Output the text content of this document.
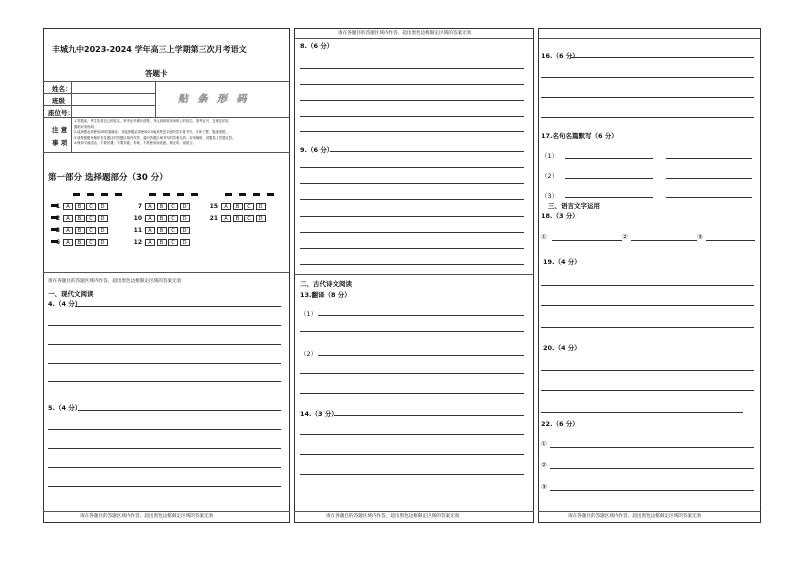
丰城九中2023-2024 学年高三上学期第三次月考语文
答题卡
姓名：
班级
座位号：
贴 条 形 码
注 意
事 项
1.答题前，考生先将自己的姓名、准考证号填写清楚，并认真核准条形码上的姓名、准考证号，在规定的位
置贴好条形码。
2.选择题必须使用2B铅笔填涂；非选择题必须使用0.5毫米黑色字迹的签字笔书写，字体工整、笔迹清楚。
3.请按照题号顺序在各题目的答题区域内作答，超出答题区域书写的答案无效；在草稿纸、试题卷上答题无效。
4.保持卡面清洁，不要折叠、不要弄破、弄皱，不准使用涂改液、修正带、刮纸刀。
第一部分 选择题部分（30 分）
1	A	B	C	D
2	A	B	C	D
3	A	B	C	D
6	A	B	C	D
7	A	B	C	D
10	A	B	C	D
11	A	B	C	D
12	A	B	C	D
15	A	B	C	D
21	A	B	C	D
请在各题目的答题区域内作答，超出黑色边框限定区域的答案无效
一、现代文阅读
4.（4 分）
5.（4 分）
请在各题目的答题区域内作答，超出黑色边框限定区域的答案无效
请在各题目的答题区域内作答，超出黑色边框限定区域的答案无效
8.（6 分）
9.（6 分）
二、古代诗文阅读
13.翻译（8 分）
（1）
（2）
14.（3 分）
请在各题目的答题区域内作答，超出黑色边框限定区域的答案无效
16.（6 分）
17.名句名篇默写（6 分）
（1）
（2）
（3）
三、语言文字运用
18.（3 分）
①	②	③
19.（4 分）
20.（4 分）
22.（6 分）
①
②
③
请在各题目的答题区域内作答，超出黑色边框限定区域的答案无效
